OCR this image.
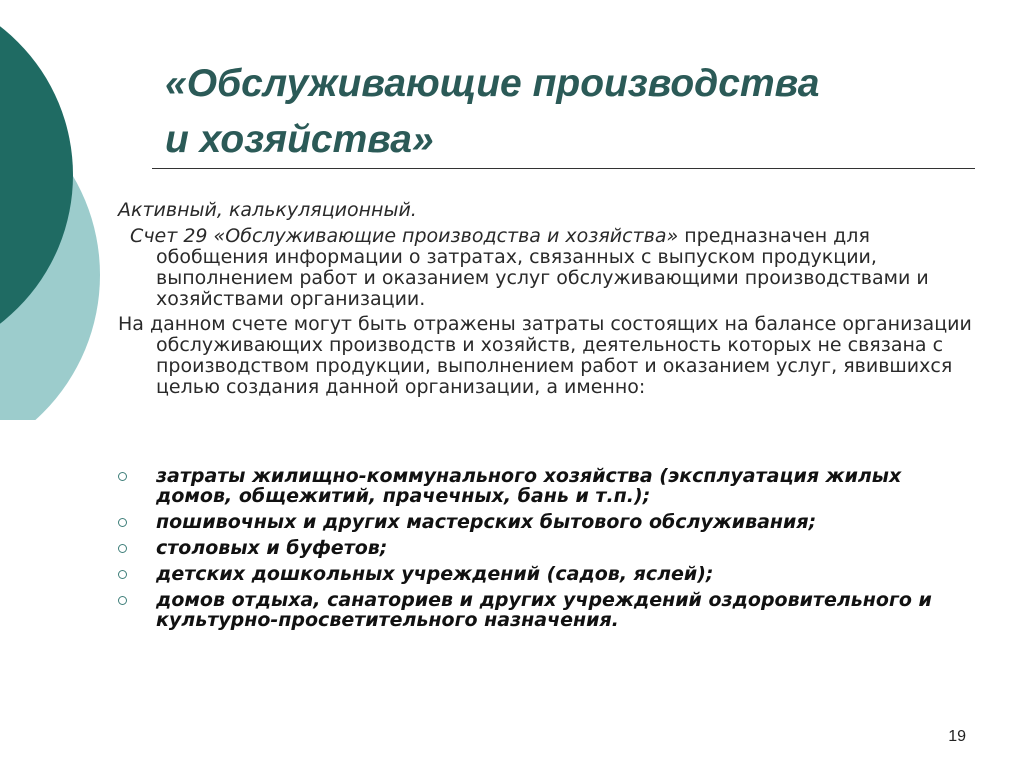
«Обслуживающие производства
и хозяйства»

Активный, калькуляционный.

Счет 29 «Обслуживающие производства и хозяйства» предназначен для обобщения информации о затратах, связанных с выпуском продукции, выполнением работ и оказанием услуг обслуживающими производствами и хозяйствами организации.

На данном счете могут быть отражены затраты состоящих на балансе организации обслуживающих производств и хозяйств, деятельность которых не связана с производством продукции, выполнением работ и оказанием услуг, явившихся целью создания данной организации, а именно:

затраты жилищно-коммунального хозяйства (эксплуатация жилых домов, общежитий, прачечных, бань и т.п.);
пошивочных и других мастерских бытового обслуживания;
столовых и буфетов;
детских дошкольных учреждений (садов, яслей);
домов отдыха, санаториев и других учреждений оздоровительного и культурно-просветительного назначения.
19
